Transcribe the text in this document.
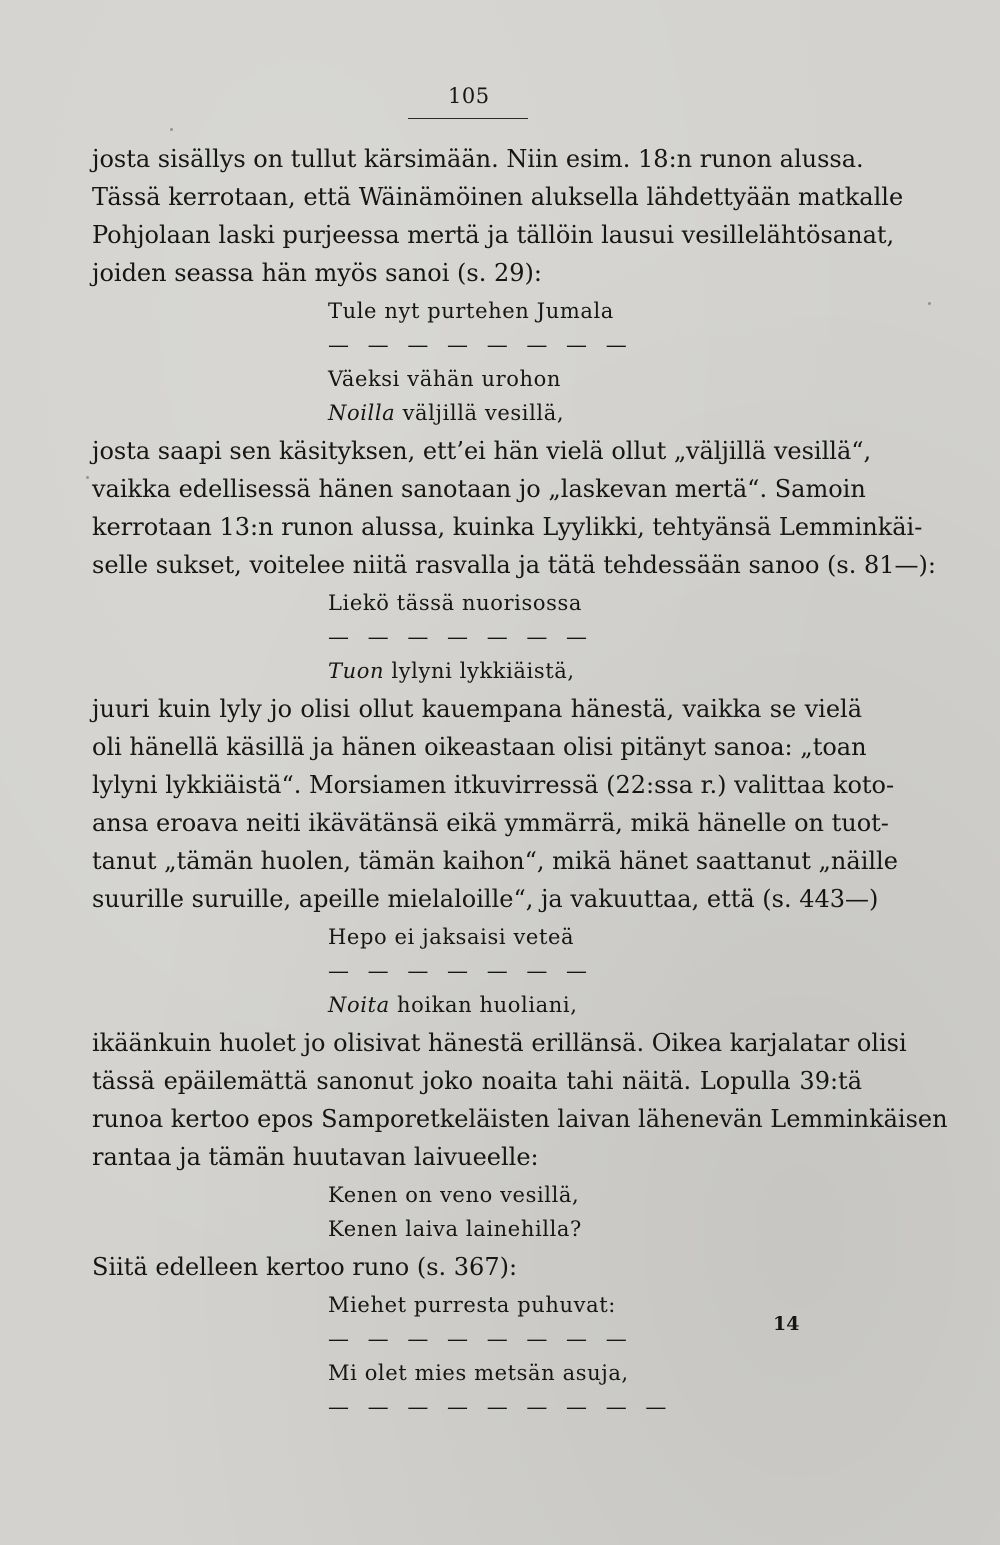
105
josta sisällys on tullut kärsimään. Niin esim. 18:n runon alussa.
Tässä kerrotaan, että Wäinämöinen aluksella lähdettyään matkalle
Pohjolaan laski purjeessa mertä ja tällöin lausui vesillelähtösanat,
joiden seassa hän myös sanoi (s. 29):
Tule nyt purtehen Jumala
— — — — — — — —
Väeksi vähän urohon
Noilla väljillä vesillä,
josta saapi sen käsityksen, ett’ei hän vielä ollut „väljillä vesillä“,
vaikka edellisessä hänen sanotaan jo „laskevan mertä“. Samoin
kerrotaan 13:n runon alussa, kuinka Lyylikki, tehtyänsä Lemminkäi-
selle sukset, voitelee niitä rasvalla ja tätä tehdessään sanoo (s. 81—):
Liekö tässä nuorisossa
— — — — — — —
Tuon lylyni lykkiäistä,
juuri kuin lyly jo olisi ollut kauempana hänestä, vaikka se vielä
oli hänellä käsillä ja hänen oikeastaan olisi pitänyt sanoa: „toan
lylyni lykkiäistä“. Morsiamen itkuvirressä (22:ssa r.) valittaa koto-
ansa eroava neiti ikävätänsä eikä ymmärrä, mikä hänelle on tuot-
tanut „tämän huolen, tämän kaihon“, mikä hänet saattanut „näille
suurille suruille, apeille mielaloille“, ja vakuuttaa, että (s. 443—)
Hepo ei jaksaisi veteä
— — — — — — —
Noita hoikan huoliani,
ikäänkuin huolet jo olisivat hänestä erillänsä. Oikea karjalatar olisi
tässä epäilemättä sanonut joko noaita tahi näitä. Lopulla 39:tä
runoa kertoo epos Samporetkeläisten laivan lähenevän Lemminkäisen
rantaa ja tämän huutavan laivueelle:
Kenen on veno vesillä,
Kenen laiva lainehilla?
Siitä edelleen kertoo runo (s. 367):
Miehet purresta puhuvat:
— — — — — — — —
Mi olet mies metsän asuja,
— — — — — — — — —
14
